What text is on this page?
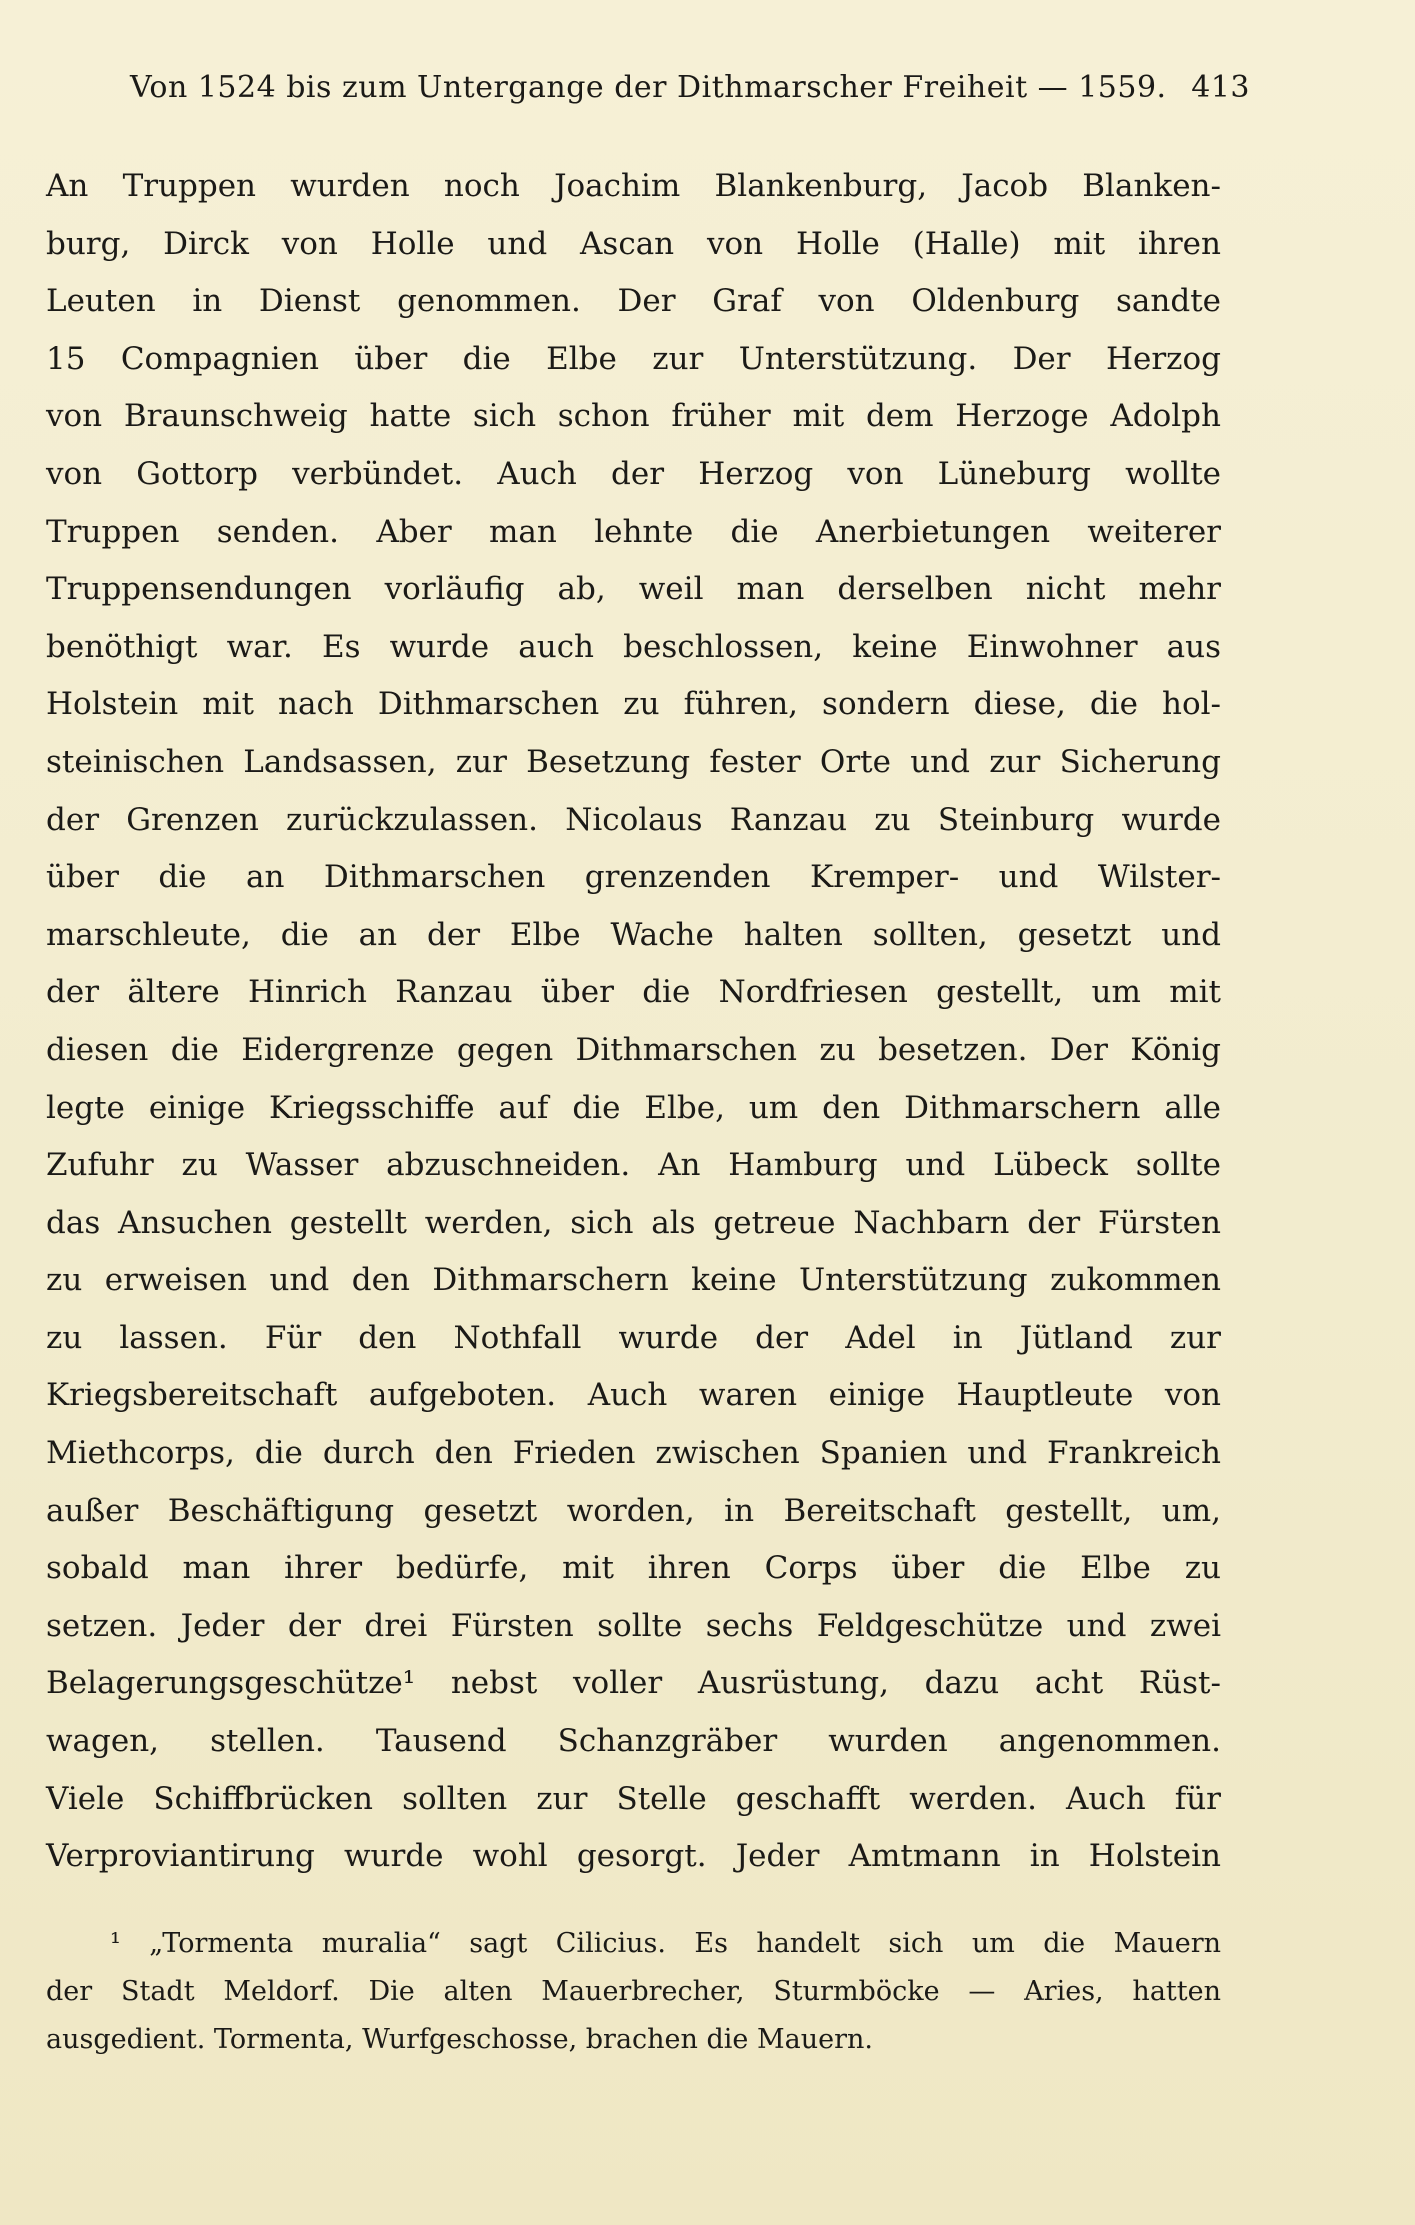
Von 1524 bis zum Untergange der Dithmarscher Freiheit — 1559. 413
An Truppen wurden noch Joachim Blankenburg, Jacob Blanken-
burg, Dirck von Holle und Ascan von Holle (Halle) mit ihren
Leuten in Dienst genommen. Der Graf von Oldenburg sandte
15 Compagnien über die Elbe zur Unterstützung. Der Herzog
von Braunschweig hatte sich schon früher mit dem Herzoge Adolph
von Gottorp verbündet. Auch der Herzog von Lüneburg wollte
Truppen senden. Aber man lehnte die Anerbietungen weiterer
Truppensendungen vorläufig ab, weil man derselben nicht mehr
benöthigt war. Es wurde auch beschlossen, keine Einwohner aus
Holstein mit nach Dithmarschen zu führen, sondern diese, die hol-
steinischen Landsassen, zur Besetzung fester Orte und zur Sicherung
der Grenzen zurückzulassen. Nicolaus Ranzau zu Steinburg wurde
über die an Dithmarschen grenzenden Kremper- und Wilster-
marschleute, die an der Elbe Wache halten sollten, gesetzt und
der ältere Hinrich Ranzau über die Nordfriesen gestellt, um mit
diesen die Eidergrenze gegen Dithmarschen zu besetzen. Der König
legte einige Kriegsschiffe auf die Elbe, um den Dithmarschern alle
Zufuhr zu Wasser abzuschneiden. An Hamburg und Lübeck sollte
das Ansuchen gestellt werden, sich als getreue Nachbarn der Fürsten
zu erweisen und den Dithmarschern keine Unterstützung zukommen
zu lassen. Für den Nothfall wurde der Adel in Jütland zur
Kriegsbereitschaft aufgeboten. Auch waren einige Hauptleute von
Miethcorps, die durch den Frieden zwischen Spanien und Frankreich
außer Beschäftigung gesetzt worden, in Bereitschaft gestellt, um,
sobald man ihrer bedürfe, mit ihren Corps über die Elbe zu
setzen. Jeder der drei Fürsten sollte sechs Feldgeschütze und zwei
Belagerungsgeschütze¹ nebst voller Ausrüstung, dazu acht Rüst-
wagen, stellen. Tausend Schanzgräber wurden angenommen.
Viele Schiffbrücken sollten zur Stelle geschafft werden. Auch für
Verproviantirung wurde wohl gesorgt. Jeder Amtmann in Holstein
¹ „Tormenta muralia“ sagt Cilicius. Es handelt sich um die Mauern
der Stadt Meldorf. Die alten Mauerbrecher, Sturmböcke — Aries, hatten
ausgedient. Tormenta, Wurfgeschosse, brachen die Mauern.
